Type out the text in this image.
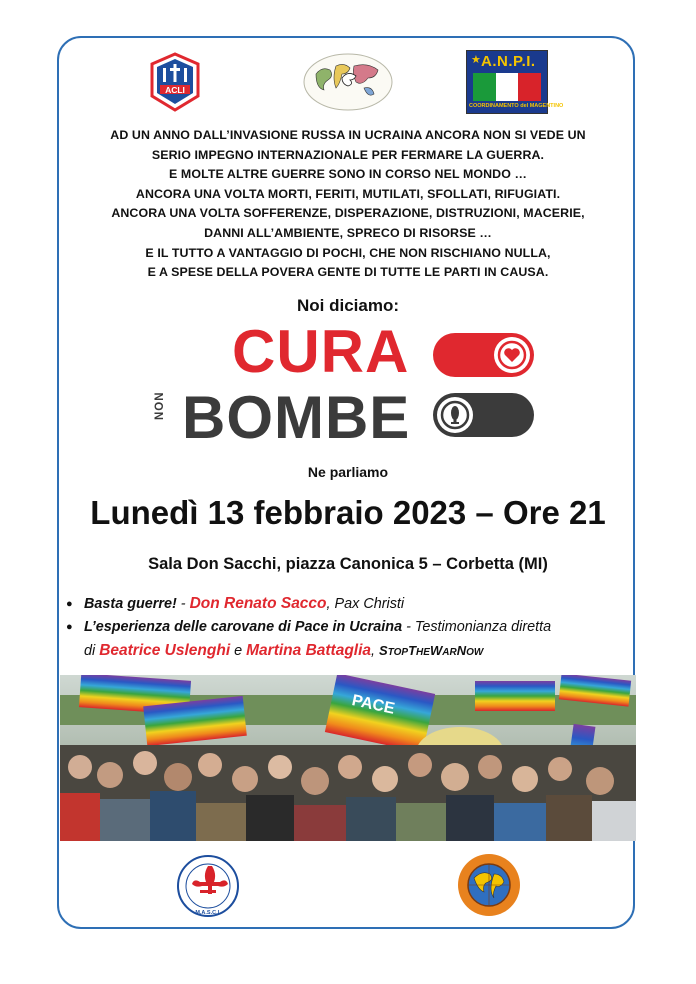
ACLI
★ A.N.P.I.
COORDINAMENTO del MAGENTINO
AD UN ANNO DALL’INVASIONE RUSSA IN UCRAINA ANCORA NON SI VEDE UN
SERIO IMPEGNO INTERNAZIONALE PER FERMARE LA GUERRA.
E MOLTE ALTRE GUERRE SONO IN CORSO NEL MONDO …
ANCORA UNA VOLTA MORTI, FERITI, MUTILATI, SFOLLATI, RIFUGIATI.
ANCORA UNA VOLTA SOFFERENZE, DISPERAZIONE, DISTRUZIONI, MACERIE,
DANNI ALL’AMBIENTE, SPRECO DI RISORSE …
E IL TUTTO A VANTAGGIO DI POCHI, CHE NON RISCHIANO NULLA,
E A SPESE DELLA POVERA GENTE DI TUTTE LE PARTI IN CAUSA.
Noi diciamo:
CURA
NON BOMBE
Ne parliamo
Lunedì 13 febbraio 2023 – Ore 21
Sala Don Sacchi, piazza Canonica 5 – Corbetta (MI)
● Basta guerre! - Don Renato Sacco, Pax Christi
● L’esperienza delle carovane di Pace in Ucraina - Testimonianza diretta
di Beatrice Uslenghi e Martina Battaglia, STOPTHEWARNOW
PACE
M.A.S.C.I.
